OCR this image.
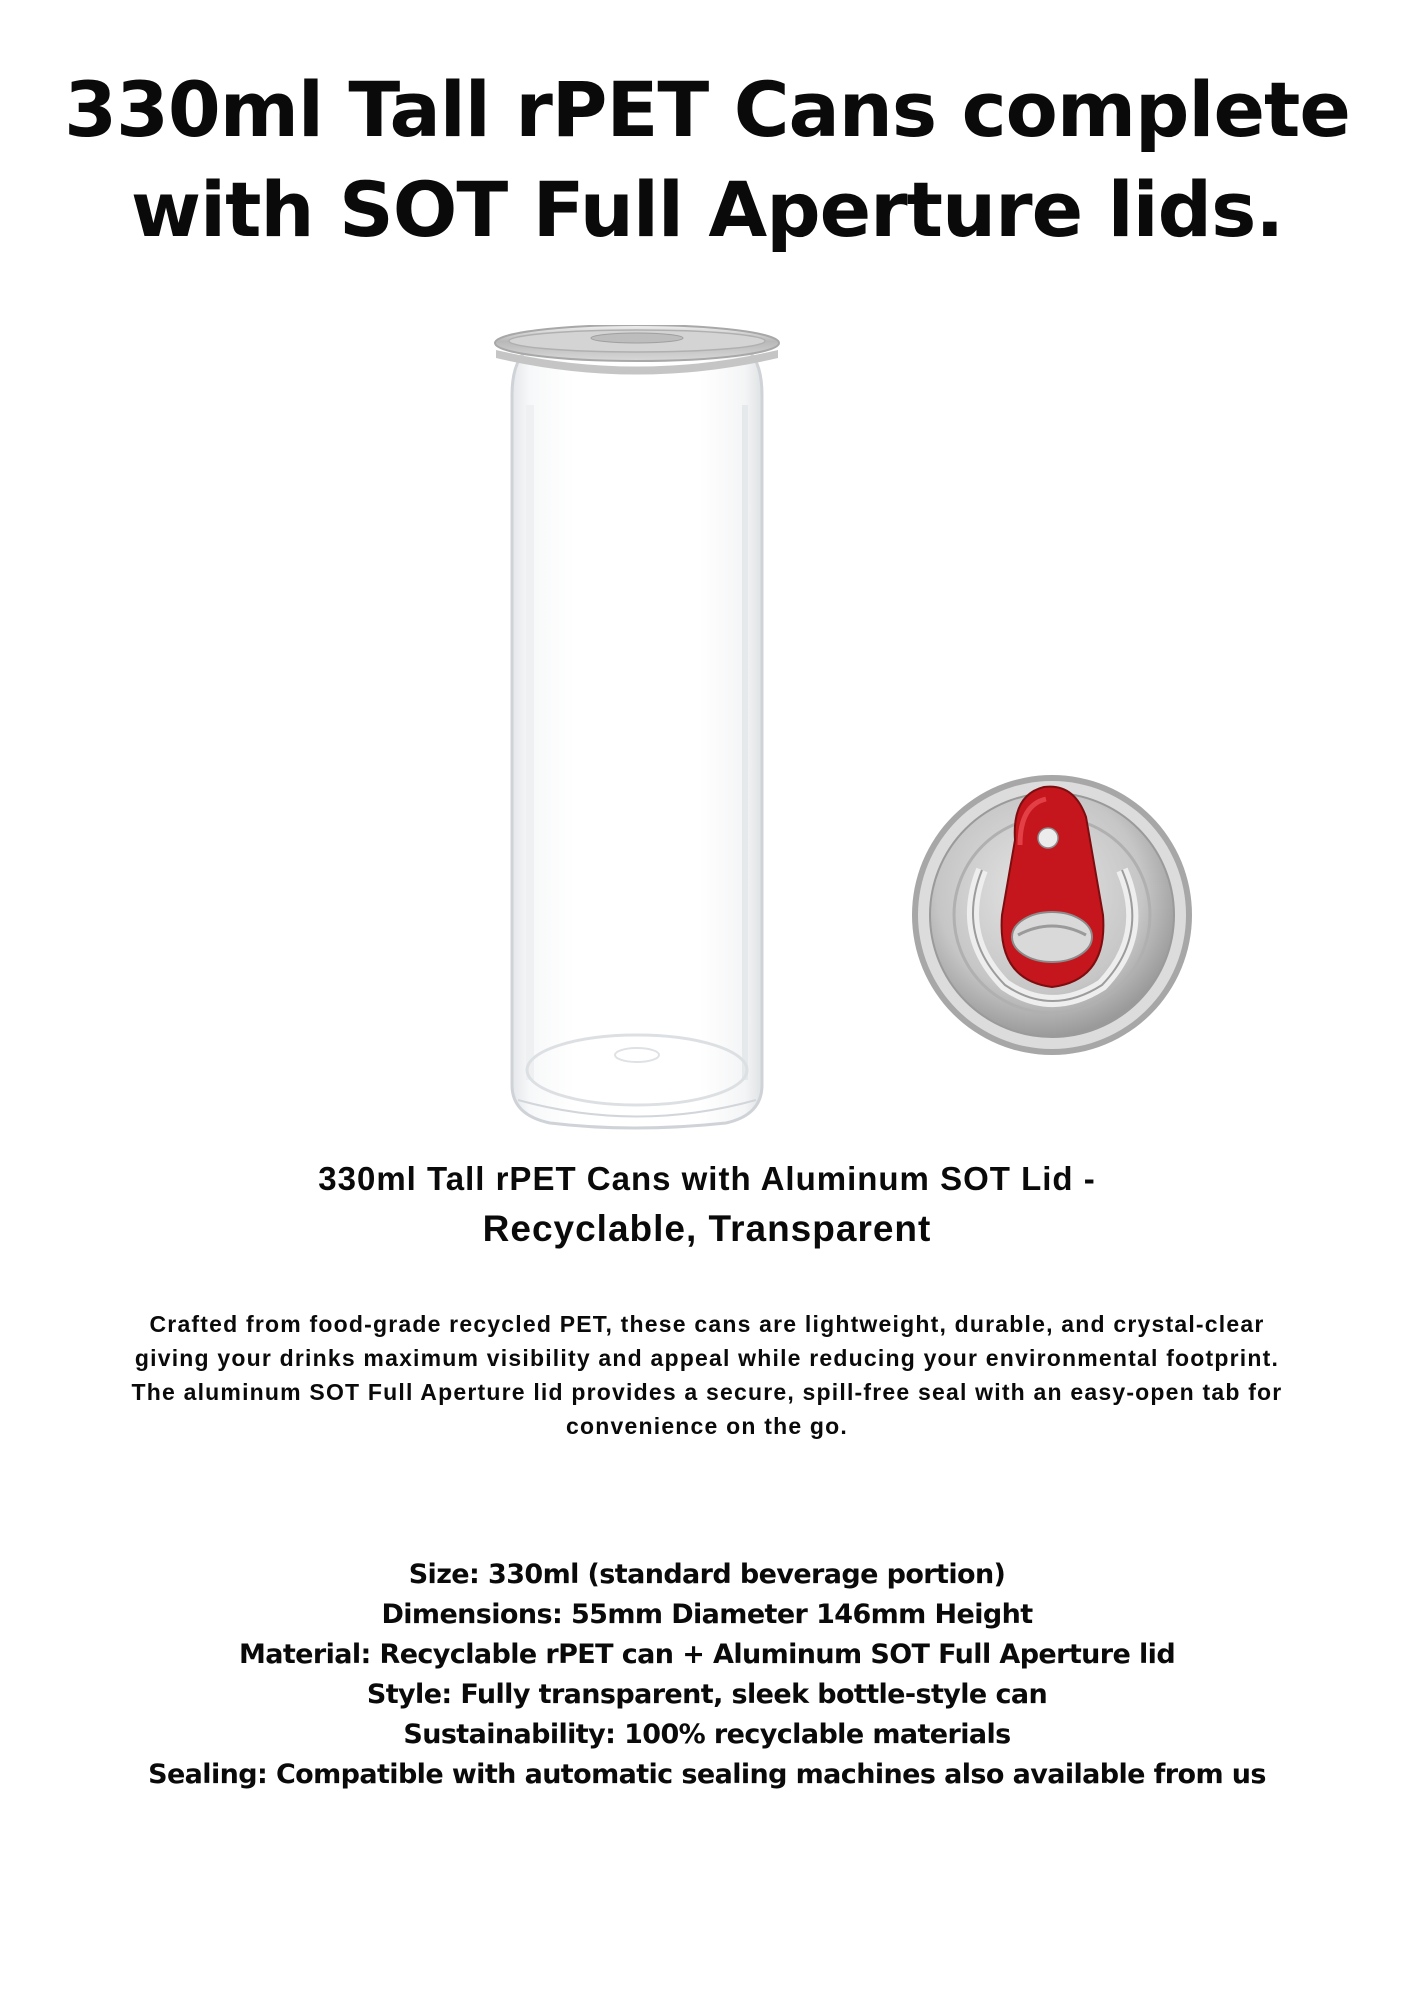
330ml Tall rPET Cans complete
with SOT Full Aperture lids.
330ml Tall rPET Cans with Aluminum SOT Lid -
Recyclable, Transparent

Crafted from food-grade recycled PET, these cans are lightweight, durable, and crystal-clear
giving your drinks maximum visibility and appeal while reducing your environmental footprint.
The aluminum SOT Full Aperture lid provides a secure, spill-free seal with an easy-open tab for
convenience on the go.

Size: 330ml (standard beverage portion)
Dimensions: 55mm Diameter 146mm Height
Material: Recyclable rPET can + Aluminum SOT Full Aperture lid
Style: Fully transparent, sleek bottle-style can
Sustainability: 100% recyclable materials
Sealing: Compatible with automatic sealing machines also available from us
